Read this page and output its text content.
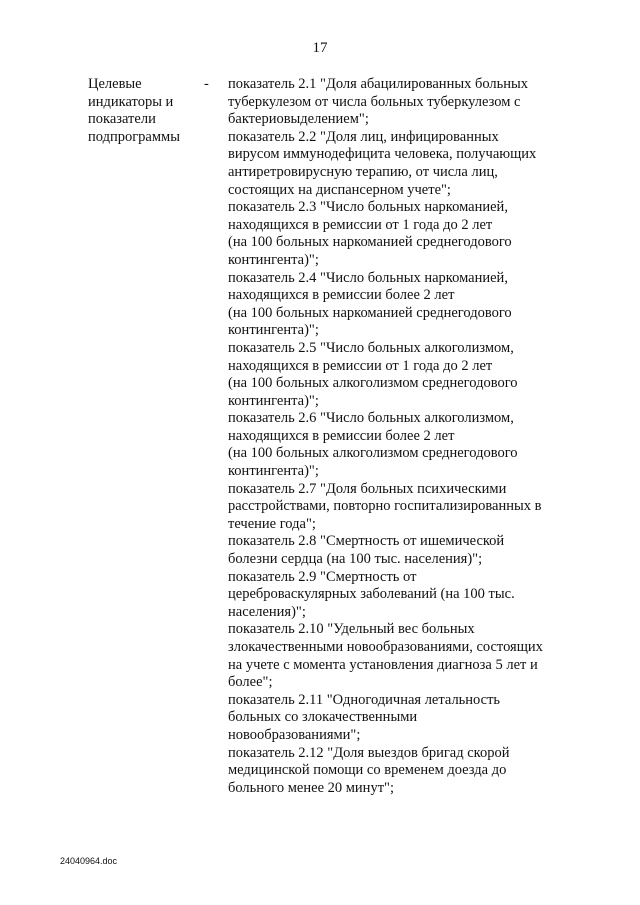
17
Целевые
индикаторы и
показатели
подпрограммы
- показатель 2.1 "Доля абацилированных больных
туберкулезом от числа больных туберкулезом с
бактериовыделением";
показатель 2.2 "Доля лиц, инфицированных
вирусом иммунодефицита человека, получающих
антиретровирусную терапию, от числа лиц,
состоящих на диспансерном учете";
показатель 2.3 "Число больных наркоманией,
находящихся в ремиссии от 1 года до 2 лет
(на 100 больных наркоманией среднегодового
контингента)";
показатель 2.4 "Число больных наркоманией,
находящихся в ремиссии более 2 лет
(на 100 больных наркоманией среднегодового
контингента)";
показатель 2.5 "Число больных алкоголизмом,
находящихся в ремиссии от 1 года до 2 лет
(на 100 больных алкоголизмом среднегодового
контингента)";
показатель 2.6 "Число больных алкоголизмом,
находящихся в ремиссии более 2 лет
(на 100 больных алкоголизмом среднегодового
контингента)";
показатель 2.7 "Доля больных психическими
расстройствами, повторно госпитализированных в
течение года";
показатель 2.8 "Смертность от ишемической
болезни сердца (на 100 тыс. населения)";
показатель 2.9 "Смертность от
цереброваскулярных заболеваний (на 100 тыс.
населения)";
показатель 2.10 "Удельный вес больных
злокачественными новообразованиями, состоящих
на учете с момента установления диагноза 5 лет и
более";
показатель 2.11 "Одногодичная летальность
больных со злокачественными
новообразованиями";
показатель 2.12 "Доля выездов бригад скорой
медицинской помощи со временем доезда до
больного менее 20 минут";
24040964.doc
